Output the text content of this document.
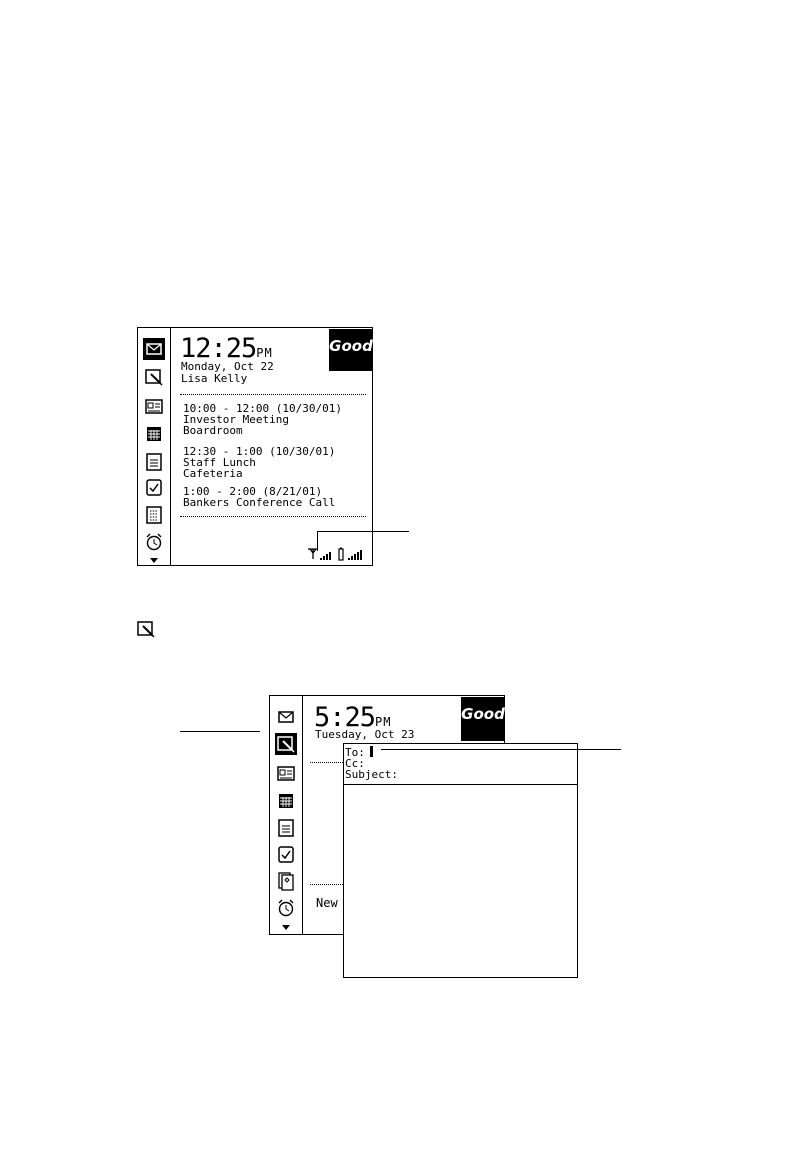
12:25PM
Monday, Oct 22
Lisa Kelly
Good
10:00 - 12:00 (10/30/01)
Investor Meeting
Boardroom
12:30 - 1:00 (10/30/01)
Staff Lunch
Cafeteria
1:00 - 2:00 (8/21/01)
Bankers Conference Call
5:25PM
Tuesday, Oct 23
Good
New
To:
Cc:
Subject:
